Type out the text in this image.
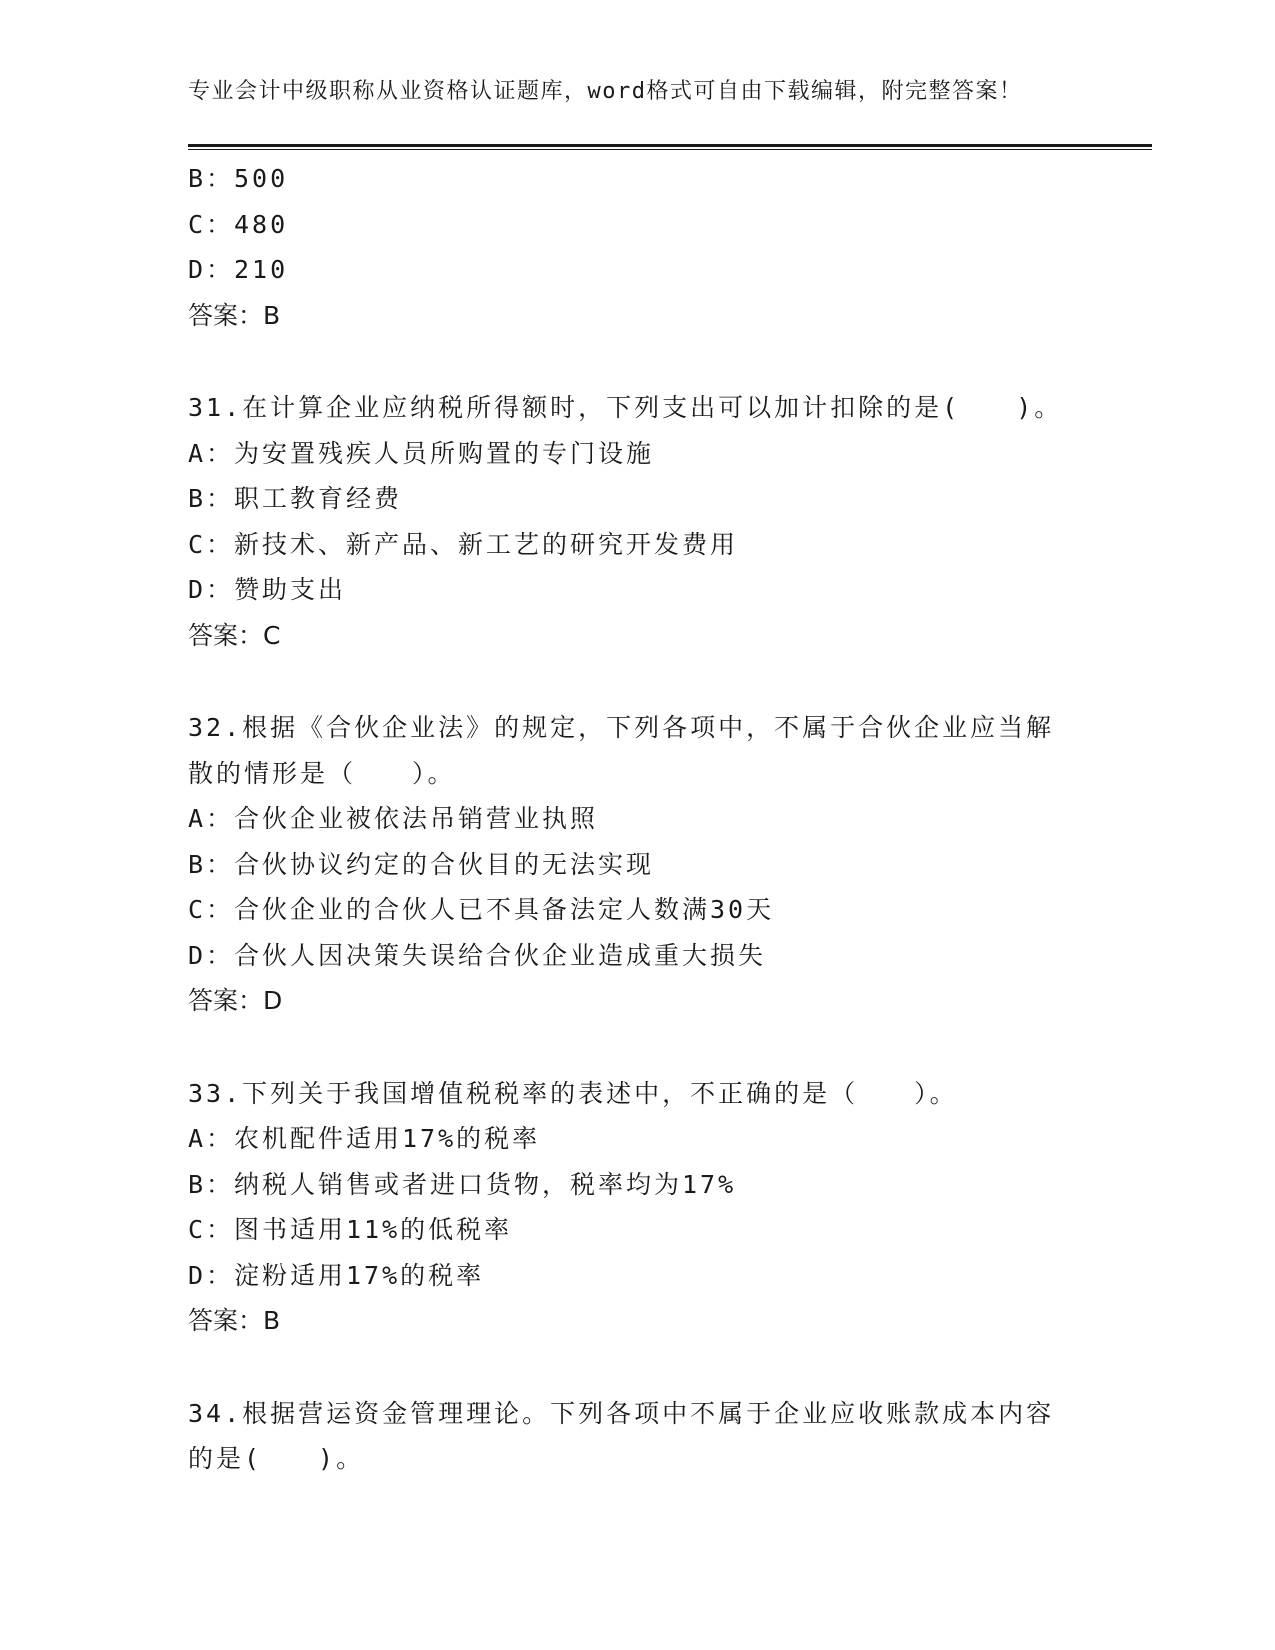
专业会计中级职称从业资格认证题库，word格式可自由下载编辑，附完整答案！
B：500
C：480
D：210
答案：B
31.在计算企业应纳税所得额时，下列支出可以加计扣除的是(　　)。
A：为安置残疾人员所购置的专门设施
B：职工教育经费
C：新技术、新产品、新工艺的研究开发费用
D：赞助支出
答案：C
32.根据《合伙企业法》的规定，下列各项中，不属于合伙企业应当解
散的情形是（　　）。
A：合伙企业被依法吊销营业执照
B：合伙协议约定的合伙目的无法实现
C：合伙企业的合伙人已不具备法定人数满30天
D：合伙人因决策失误给合伙企业造成重大损失
答案：D
33.下列关于我国增值税税率的表述中，不正确的是（　　）。
A：农机配件适用17%的税率
B：纳税人销售或者进口货物，税率均为17%
C：图书适用11%的低税率
D：淀粉适用17%的税率
答案：B
34.根据营运资金管理理论。下列各项中不属于企业应收账款成本内容
的是(　　)。
